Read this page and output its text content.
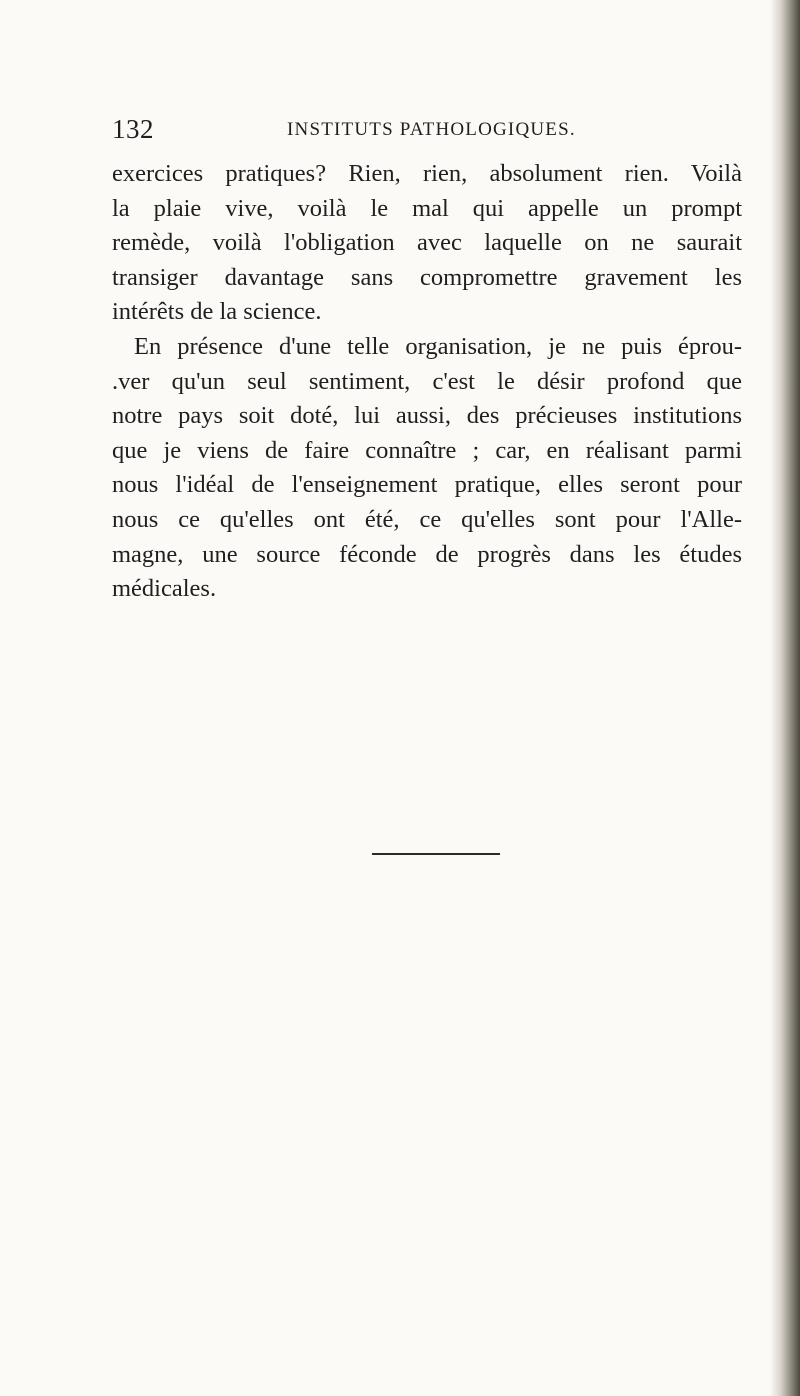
132	INSTITUTS PATHOLOGIQUES.
exercices pratiques? Rien, rien, absolument rien. Voilà
la plaie vive, voilà le mal qui appelle un prompt
remède, voilà l'obligation avec laquelle on ne saurait
transiger davantage sans compromettre gravement les
intérêts de la science.
En présence d'une telle organisation, je ne puis éprou-
.ver qu'un seul sentiment, c'est le désir profond que
notre pays soit doté, lui aussi, des précieuses institutions
que je viens de faire connaître ; car, en réalisant parmi
nous l'idéal de l'enseignement pratique, elles seront pour
nous ce qu'elles ont été, ce qu'elles sont pour l'Alle-
magne, une source féconde de progrès dans les études
médicales.
